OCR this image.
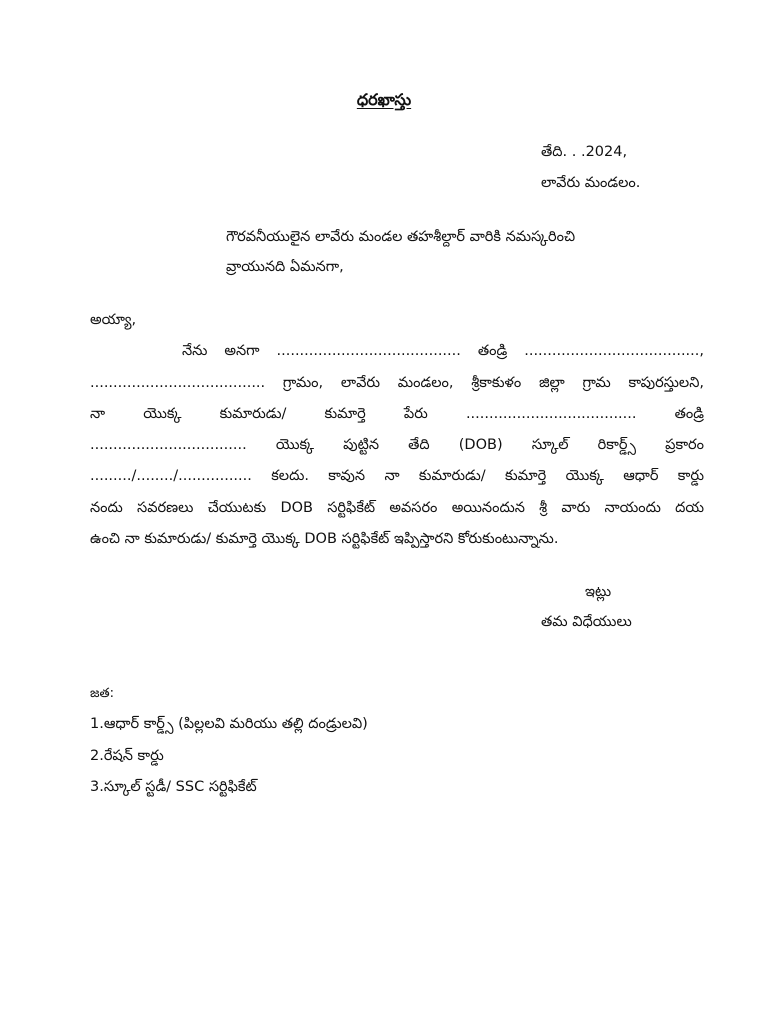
ధరఖాస్తు
తేది. . .2024,
లావేరు మండలం.
గౌరవనీయులైన లావేరు మండల తహశీల్దార్ వారికి నమస్కరించి
వ్రాయునది ఏమనగా,
అయ్యా,
నేను అనగా ........................................ తండ్రి ......................................,
...................................... గ్రామం, లావేరు మండలం, శ్రీకాకుళం జిల్లా గ్రామ కాపురస్తులని,
నా యొక్క కుమారుడు/ కుమార్తె పేరు ..................................... తండ్రి
.................................. యొక్క పుట్టిన తేది (DOB) స్కూల్ రికార్డ్స్ ప్రకారం
........./......../................ కలదు. కావున నా కుమారుడు/ కుమార్తె యొక్క ఆధార్ కార్డు
నందు సవరణలు చేయుటకు DOB సర్టిఫికేట్ అవసరం అయినందున శ్రీ వారు నాయందు దయ
ఉంచి నా కుమారుడు/ కుమార్తె యొక్క DOB సర్టిఫికేట్ ఇప్పిస్తారని కోరుకుంటున్నాను.
ఇట్లు
తమ విధేయులు
జత:
1.ఆధార్ కార్డ్స్ (పిల్లలవి మరియు తల్లి దండ్రులవి)
2.రేషన్ కార్డు
3.స్కూల్ స్టడీ/ SSC సర్టిఫికేట్
